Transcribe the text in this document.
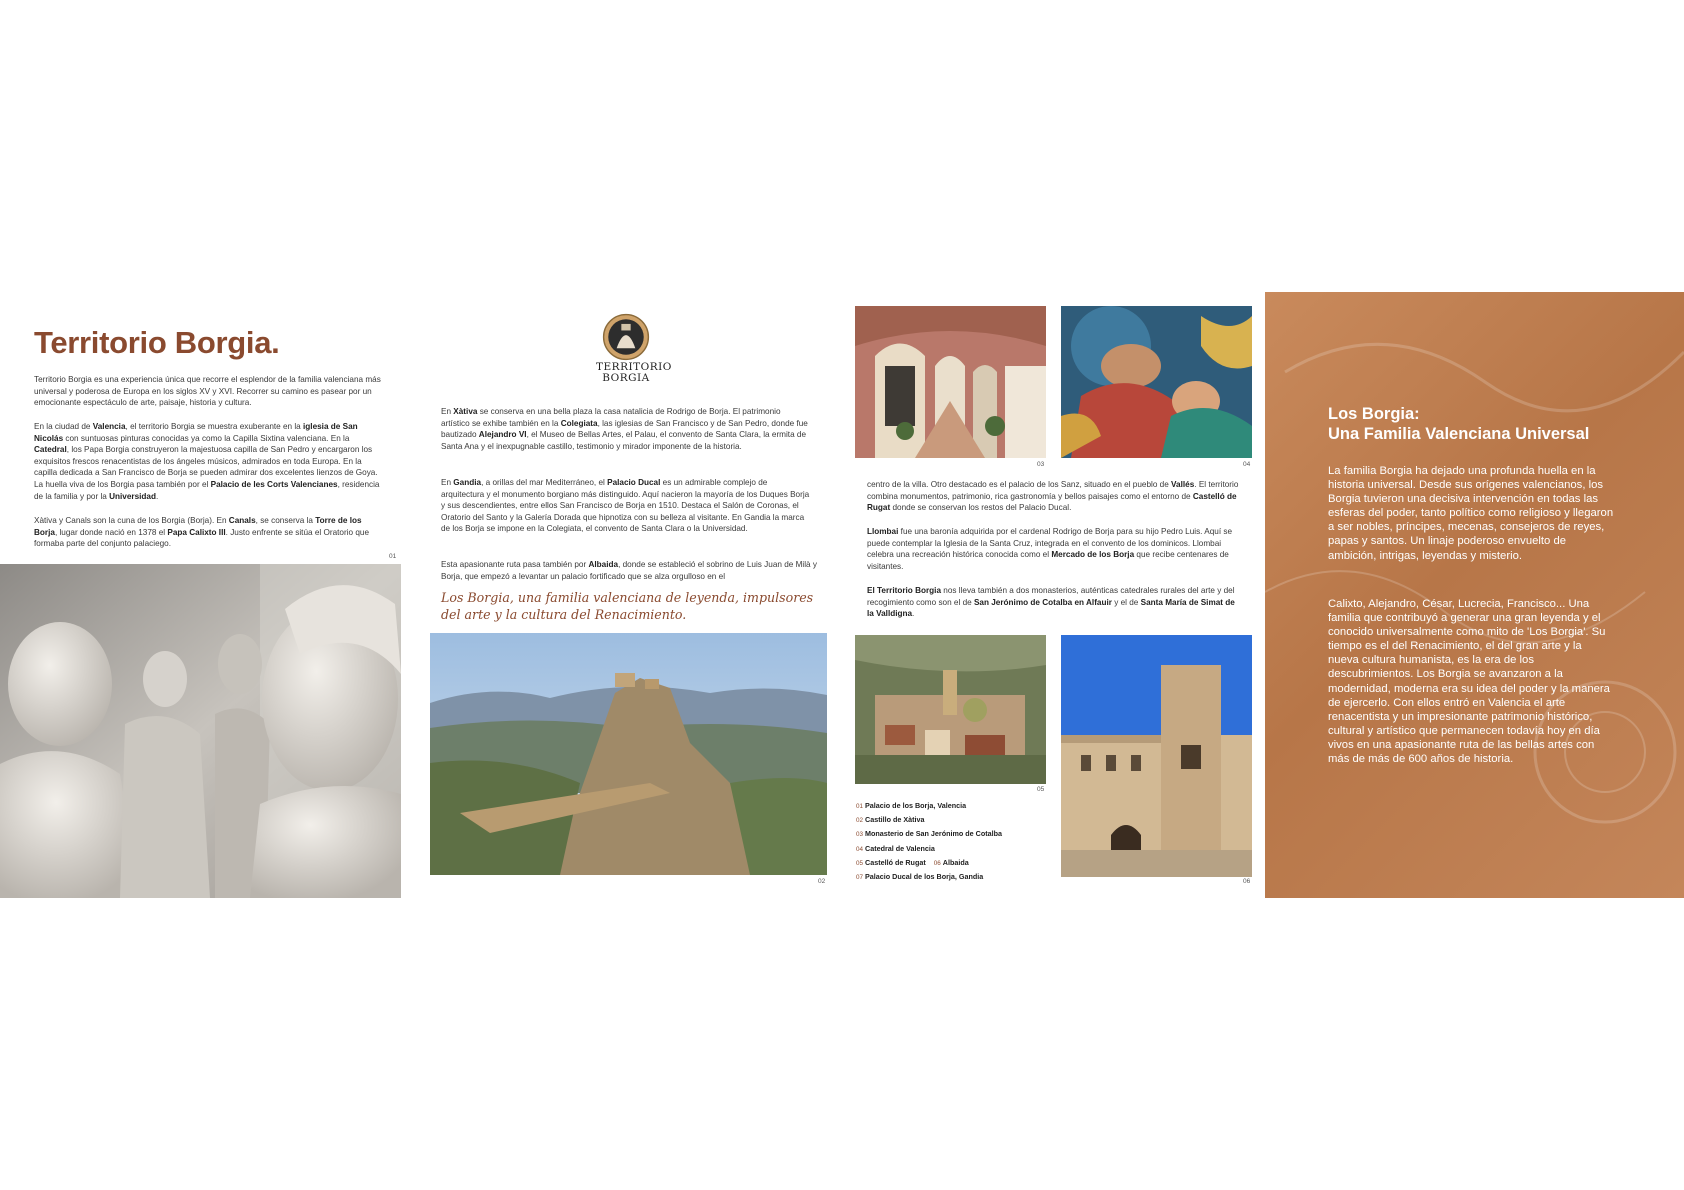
Territorio Borgia.

Territorio Borgia es una experiencia única que recorre el esplendor de la familia valenciana más universal y poderosa de Europa en los siglos XV y XVI. Recorrer su camino es pasear por un emocionante espectáculo de arte, paisaje, historia y cultura.

En la ciudad de Valencia, el territorio Borgia se muestra exuberante en la iglesia de San Nicolás con suntuosas pinturas conocidas ya como la Capilla Sixtina valenciana. En la Catedral, los Papa Borgia construyeron la majestuosa capilla de San Pedro y encargaron los exquisitos frescos renacentistas de los ángeles músicos, admirados en toda Europa. En la capilla dedicada a San Francisco de Borja se pueden admirar dos excelentes lienzos de Goya. La huella viva de los Borgia pasa también por el Palacio de les Corts Valencianes, residencia de la familia y por la Universidad.

Xàtiva y Canals son la cuna de los Borgia (Borja). En Canals, se conserva la Torre de los Borja, lugar donde nació en 1378 el Papa Calixto III. Justo enfrente se sitúa el Oratorio que formaba parte del conjunto palaciego.

01
TERRITORIO
BORGIA

En Xàtiva se conserva en una bella plaza la casa natalicia de Rodrigo de Borja. El patrimonio artístico se exhibe también en la Colegiata, las iglesias de San Francisco y de San Pedro, donde fue bautizado Alejandro VI, el Museo de Bellas Artes, el Palau, el convento de Santa Clara, la ermita de Santa Ana y el inexpugnable castillo, testimonio y mirador imponente de la historia.

En Gandia, a orillas del mar Mediterráneo, el Palacio Ducal es un admirable complejo de arquitectura y el monumento borgiano más distinguido. Aquí nacieron la mayoría de los Duques Borja y sus descendientes, entre ellos San Francisco de Borja en 1510. Destaca el Salón de Coronas, el Oratorio del Santo y la Galería Dorada que hipnotiza con su belleza al visitante. En Gandia la marca de los Borja se impone en la Colegiata, el convento de Santa Clara o la Universidad.

Esta apasionante ruta pasa también por Albaida, donde se estableció el sobrino de Luis Juan de Milà y Borja, que empezó a levantar un palacio fortificado que se alza orgulloso en el

Los Borgia, una familia valenciana de leyenda, impulsores del arte y la cultura del Renacimiento.

02
03	04

centro de la villa. Otro destacado es el palacio de los Sanz, situado en el pueblo de Vallés. El territorio combina monumentos, patrimonio, rica gastronomía y bellos paisajes como el entorno de Castelló de Rugat donde se conservan los restos del Palacio Ducal.

Llombai fue una baronía adquirida por el cardenal Rodrigo de Borja para su hijo Pedro Luis. Aquí se puede contemplar la Iglesia de la Santa Cruz, integrada en el convento de los dominicos. Llombai celebra una recreación histórica conocida como el Mercado de los Borja que recibe centenares de visitantes.

El Territorio Borgia nos lleva también a dos monasterios, auténticas catedrales rurales del arte y del recogimiento como son el de San Jerónimo de Cotalba en Alfauir y el de Santa María de Simat de la Valldigna.

05
06
01 Palacio de los Borja, Valencia
02 Castillo de Xàtiva
03 Monasterio de San Jerónimo de Cotalba
04 Catedral de Valencia
05 Castelló de Rugat 06 Albaida
07 Palacio Ducal de los Borja, Gandia
Los Borgia:
Una Familia Valenciana Universal

La familia Borgia ha dejado una profunda huella en la historia universal. Desde sus orígenes valencianos, los Borgia tuvieron una decisiva intervención en todas las esferas del poder, tanto político como religioso y llegaron a ser nobles, príncipes, mecenas, consejeros de reyes, papas y santos. Un linaje poderoso envuelto de ambición, intrigas, leyendas y misterio.

Calixto, Alejandro, César, Lucrecia, Francisco... Una familia que contribuyó a generar una gran leyenda y el conocido universalmente como mito de 'Los Borgia'. Su tiempo es el del Renacimiento, el del gran arte y la nueva cultura humanista, es la era de los descubrimientos. Los Borgia se avanzaron a la modernidad, moderna era su idea del poder y la manera de ejercerlo. Con ellos entró en Valencia el arte renacentista y un impresionante patrimonio histórico, cultural y artístico que permanecen todavía hoy en día vivos en una apasionante ruta de las bellas artes con más de más de 600 años de historia.
